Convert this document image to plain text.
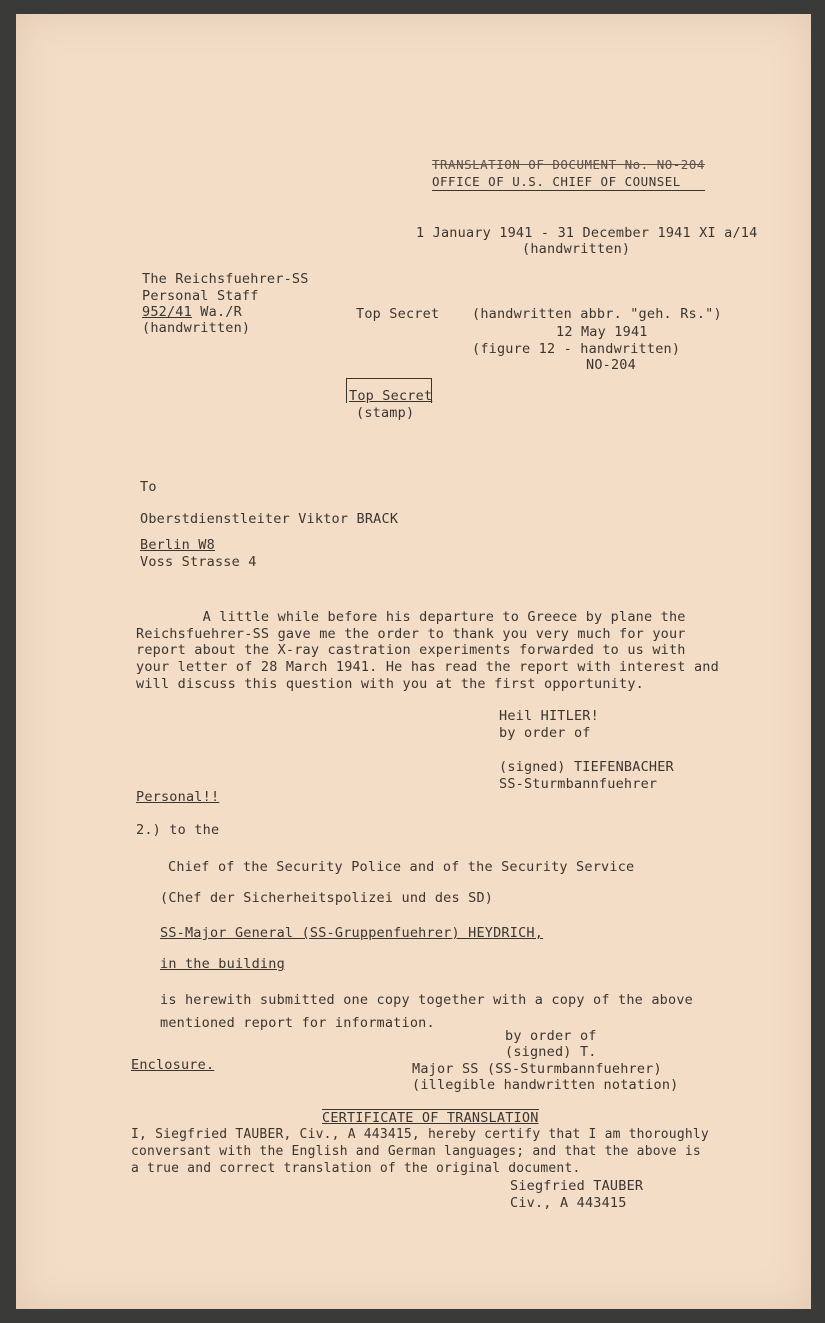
TRANSLATION OF DOCUMENT No. NO-204
OFFICE OF U.S. CHIEF OF COUNSEL
1 January 1941 - 31 December 1941 XI a/14
(handwritten)
The Reichsfuehrer-SS
Personal Staff
952/41 Wa./R
(handwritten)
Top Secret (handwritten abbr. "geh. Rs.")
12 May 1941
(figure 12 - handwritten)
NO-204
Top Secret
(stamp)
To
Oberstdienstleiter Viktor BRACK
Berlin W8
Voss Strasse 4
A little while before his departure to Greece by plane the
Reichsfuehrer-SS gave me the order to thank you very much for your
report about the X-ray castration experiments forwarded to us with
your letter of 28 March 1941. He has read the report with interest and
will discuss this question with you at the first opportunity.
Heil HITLER!
by order of
(signed) TIEFENBACHER
SS-Sturmbannfuehrer
Personal!!
2.) to the
Chief of the Security Police and of the Security Service
(Chef der Sicherheitspolizei und des SD)
SS-Major General (SS-Gruppenfuehrer) HEYDRICH,
in the building
is herewith submitted one copy together with a copy of the above
mentioned report for information.
by order of
(signed) T.
Major SS (SS-Sturmbannfuehrer)
(illegible handwritten notation)
Enclosure.
CERTIFICATE OF TRANSLATION
I, Siegfried TAUBER, Civ., A 443415, hereby certify that I am thoroughly
conversant with the English and German languages; and that the above is
a true and correct translation of the original document.
Siegfried TAUBER
Civ., A 443415
